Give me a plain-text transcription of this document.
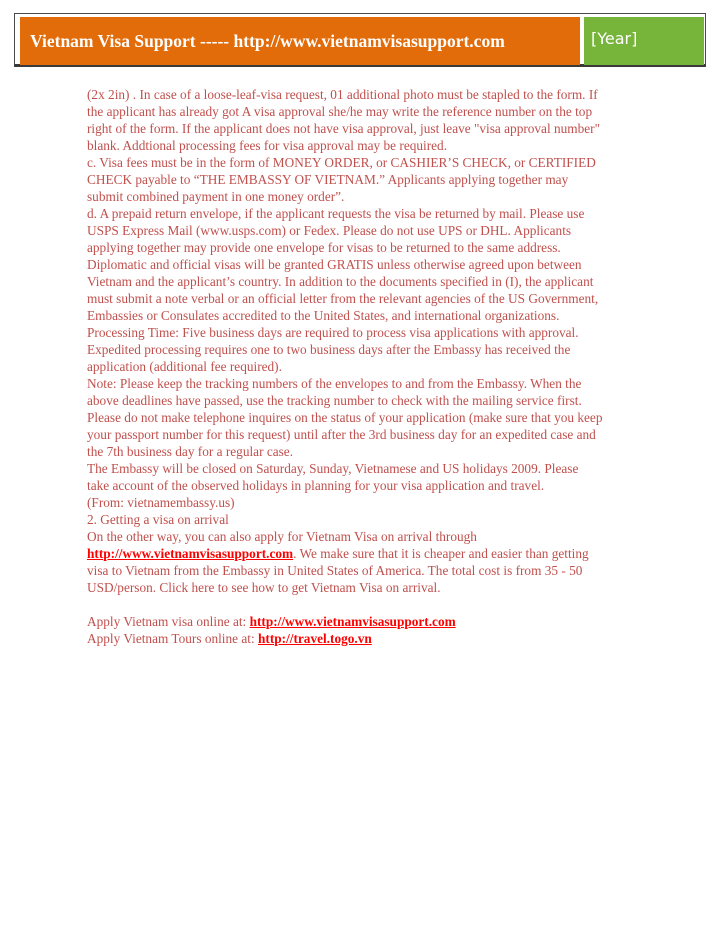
Vietnam Visa Support ----- http://www.vietnamvisasupport.com	[Year]
(2x 2in) . In case of a loose-leaf-visa request, 01 additional photo must be stapled to the form. If
the applicant has already got A visa approval she/he may write the reference number on the top
right of the form. If the applicant does not have visa approval, just leave "visa approval number"
blank. Addtional processing fees for visa approval may be required.
c. Visa fees must be in the form of MONEY ORDER, or CASHIER’S CHECK, or CERTIFIED
CHECK payable to “THE EMBASSY OF VIETNAM.” Applicants applying together may
submit combined payment in one money order”.
d. A prepaid return envelope, if the applicant requests the visa be returned by mail. Please use
USPS Express Mail (www.usps.com) or Fedex. Please do not use UPS or DHL. Applicants
applying together may provide one envelope for visas to be returned to the same address.
Diplomatic and official visas will be granted GRATIS unless otherwise agreed upon between
Vietnam and the applicant’s country. In addition to the documents specified in (I), the applicant
must submit a note verbal or an official letter from the relevant agencies of the US Government,
Embassies or Consulates accredited to the United States, and international organizations.
Processing Time: Five business days are required to process visa applications with approval.
Expedited processing requires one to two business days after the Embassy has received the
application (additional fee required).
Note: Please keep the tracking numbers of the envelopes to and from the Embassy. When the
above deadlines have passed, use the tracking number to check with the mailing service first.
Please do not make telephone inquires on the status of your application (make sure that you keep
your passport number for this request) until after the 3rd business day for an expedited case and
the 7th business day for a regular case.
The Embassy will be closed on Saturday, Sunday, Vietnamese and US holidays 2009. Please
take account of the observed holidays in planning for your visa application and travel.
(From: vietnamembassy.us)
2. Getting a visa on arrival
On the other way, you can also apply for Vietnam Visa on arrival through
http://www.vietnamvisasupport.com. We make sure that it is cheaper and easier than getting
visa to Vietnam from the Embassy in United States of America. The total cost is from 35 - 50
USD/person. Click here to see how to get Vietnam Visa on arrival.
Apply Vietnam visa online at: http://www.vietnamvisasupport.com
Apply Vietnam Tours online at: http://travel.togo.vn
